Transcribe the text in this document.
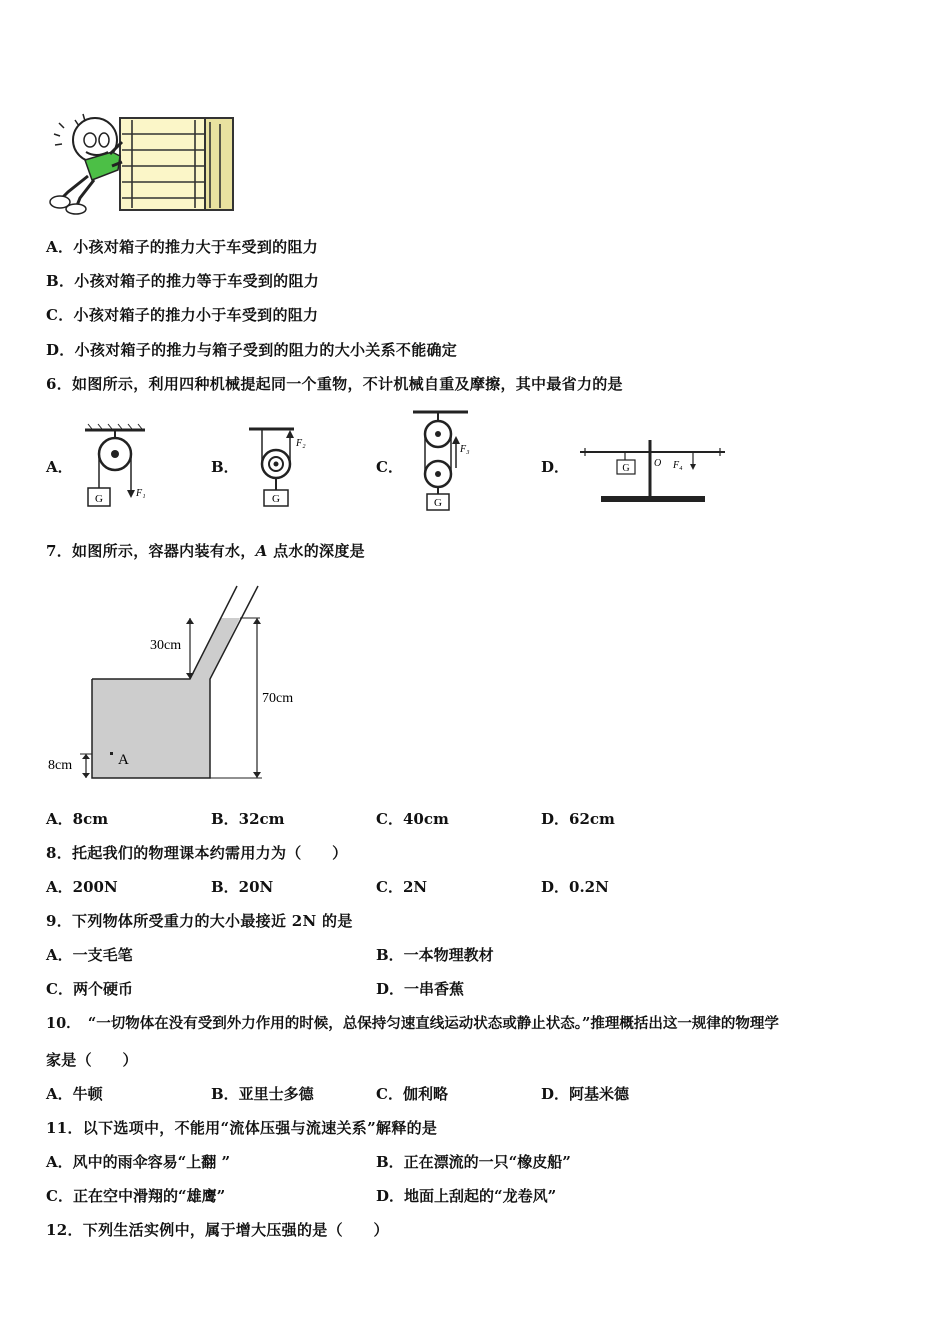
A．小孩对箱子的推力大于车受到的阻力
B．小孩对箱子的推力等于车受到的阻力
C．小孩对箱子的推力小于车受到的阻力
D．小孩对箱子的推力与箱子受到的阻力的大小关系不能确定
6．如图所示，利用四种机械提起同一个重物，不计机械自重及摩擦，其中最省力的是
A．	B．	C．	D．
G	F₁	G
F₂
G
F₃
O
G	F₄
7．如图所示，容器内装有水，A 点水的深度是
30cm
70cm
8cm	A
A．8cm	B．32cm	C．40cm	D．62cm
8．托起我们的物理课本约需用力为（　　）
A．200N	B．20N	C．2N	D．0.2N
9．下列物体所受重力的大小最接近 2N 的是
A．一支毛笔	B．一本物理教材
C．两个硬币	D．一串香蕉
10．　“一切物体在没有受到外力作用的时候，总保持匀速直线运动状态或静止状态。”推理概括出这一规律的物理学
家是（　　）
A．牛顿	B．亚里士多德	C．伽利略	D．阿基米德
11．以下选项中，不能用“流体压强与流速关系”解释的是
A．风中的雨伞容易“上翻 ”	B．正在漂流的一只“橡皮船”
C．正在空中滑翔的“雄鹰”	D．地面上刮起的“龙卷风”
12．下列生活实例中，属于增大压强的是（　　）
